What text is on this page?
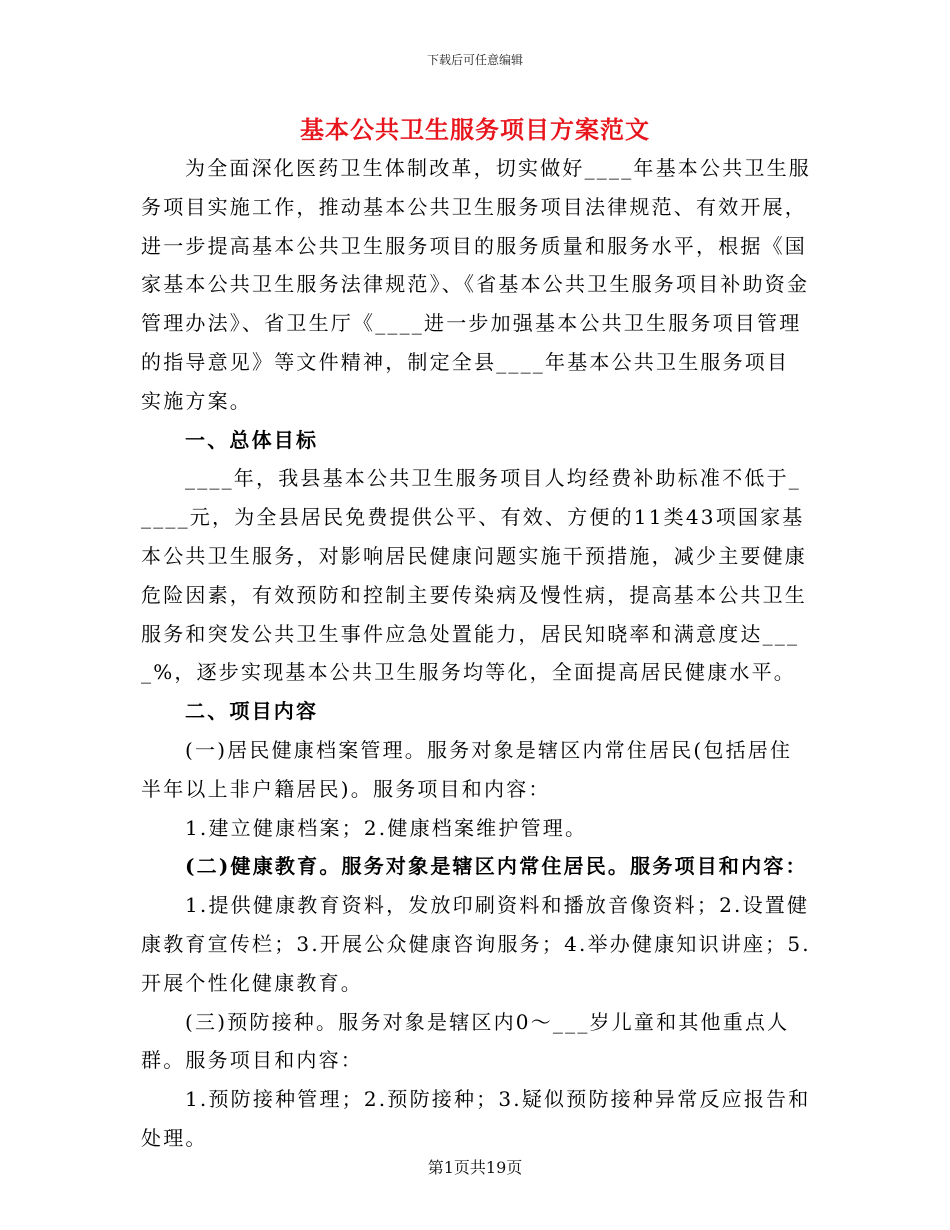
下载后可任意编辑
基本公共卫生服务项目方案范文

为全面深化医药卫生体制改革，切实做好____年基本公共卫生服务项目实施工作，推动基本公共卫生服务项目法律规范、有效开展，进一步提高基本公共卫生服务项目的服务质量和服务水平，根据《国家基本公共卫生服务法律规范》、《省基本公共卫生服务项目补助资金管理办法》、省卫生厅《____进一步加强基本公共卫生服务项目管理的指导意见》等文件精神，制定全县____年基本公共卫生服务项目实施方案。

一、总体目标

____年，我县基本公共卫生服务项目人均经费补助标准不低于_____元，为全县居民免费提供公平、有效、方便的11类43项国家基本公共卫生服务，对影响居民健康问题实施干预措施，减少主要健康危险因素，有效预防和控制主要传染病及慢性病，提高基本公共卫生服务和突发公共卫生事件应急处置能力，居民知晓率和满意度达____%，逐步实现基本公共卫生服务均等化，全面提高居民健康水平。

二、项目内容

(一)居民健康档案管理。服务对象是辖区内常住居民(包括居住半年以上非户籍居民)。服务项目和内容：

1.建立健康档案；2.健康档案维护管理。

(二)健康教育。服务对象是辖区内常住居民。服务项目和内容：

1.提供健康教育资料，发放印刷资料和播放音像资料；2.设置健康教育宣传栏；3.开展公众健康咨询服务；4.举办健康知识讲座；5.开展个性化健康教育。

(三)预防接种。服务对象是辖区内0～___岁儿童和其他重点人群。服务项目和内容：

1.预防接种管理；2.预防接种；3.疑似预防接种异常反应报告和处理。

第1页共19页
